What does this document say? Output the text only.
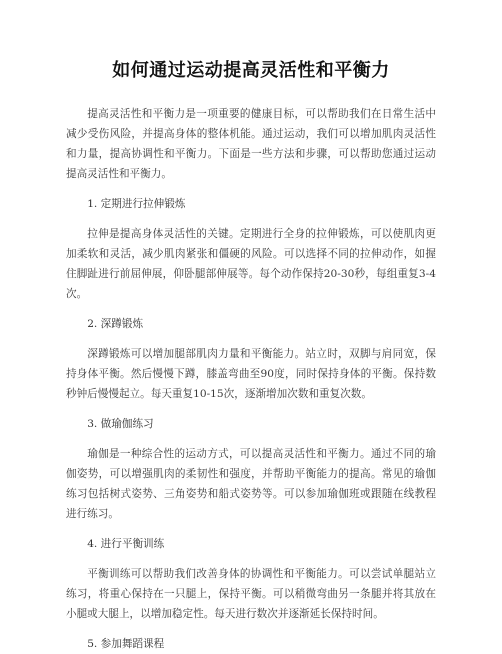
如何通过运动提高灵活性和平衡力

提高灵活性和平衡力是一项重要的健康目标，可以帮助我们在日常生活中减少受伤风险，并提高身体的整体机能。通过运动，我们可以增加肌肉灵活性和力量，提高协调性和平衡力。下面是一些方法和步骤，可以帮助您通过运动提高灵活性和平衡力。

1. 定期进行拉伸锻炼

拉伸是提高身体灵活性的关键。定期进行全身的拉伸锻炼，可以使肌肉更加柔软和灵活，减少肌肉紧张和僵硬的风险。可以选择不同的拉伸动作，如握住脚趾进行前屈伸展，仰卧腿部伸展等。每个动作保持20-30秒，每组重复3-4次。

2. 深蹲锻炼

深蹲锻炼可以增加腿部肌肉力量和平衡能力。站立时，双脚与肩同宽，保持身体平衡。然后慢慢下蹲，膝盖弯曲至90度，同时保持身体的平衡。保持数秒钟后慢慢起立。每天重复10-15次，逐渐增加次数和重复次数。

3. 做瑜伽练习

瑜伽是一种综合性的运动方式，可以提高灵活性和平衡力。通过不同的瑜伽姿势，可以增强肌肉的柔韧性和强度，并帮助平衡能力的提高。常见的瑜伽练习包括树式姿势、三角姿势和船式姿势等。可以参加瑜伽班或跟随在线教程进行练习。

4. 进行平衡训练

平衡训练可以帮助我们改善身体的协调性和平衡能力。可以尝试单腿站立练习，将重心保持在一只腿上，保持平衡。可以稍微弯曲另一条腿并将其放在小腿或大腿上，以增加稳定性。每天进行数次并逐渐延长保持时间。

5. 参加舞蹈课程
